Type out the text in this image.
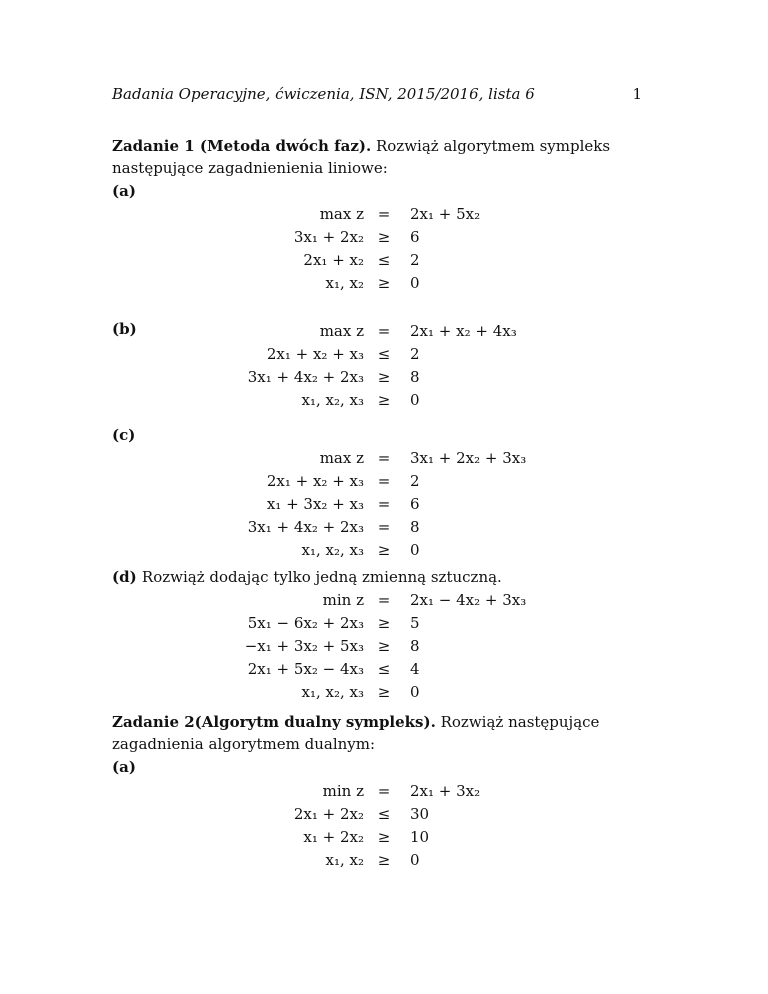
Badania Operacyjne, ćwiczenia, ISN, 2015/2016, lista 6	1
Zadanie 1 (Metoda dwóch faz). Rozwiąż algorytmem sympleks następujące zagadnienienia liniowe:
(a)
max z = 2x₁ + 5x₂
3x₁ + 2x₂ ≥ 6
2x₁ + x₂ ≤ 2
x₁, x₂ ≥ 0
(b)	max z = 2x₁ + x₂ + 4x₃
2x₁ + x₂ + x₃ ≤ 2
3x₁ + 4x₂ + 2x₃ ≥ 8
x₁, x₂, x₃ ≥ 0
(c)
max z = 3x₁ + 2x₂ + 3x₃
2x₁ + x₂ + x₃ = 2
x₁ + 3x₂ + x₃ = 6
3x₁ + 4x₂ + 2x₃ = 8
x₁, x₂, x₃ ≥ 0
(d) Rozwiąż dodając tylko jedną zmienną sztuczną.
min z = 2x₁ − 4x₂ + 3x₃
5x₁ − 6x₂ + 2x₃ ≥ 5
−x₁ + 3x₂ + 5x₃ ≥ 8
2x₁ + 5x₂ − 4x₃ ≤ 4
x₁, x₂, x₃ ≥ 0
Zadanie 2(Algorytm dualny sympleks). Rozwiąż następujące zagadnienia algorytmem dualnym:
(a)
min z = 2x₁ + 3x₂
2x₁ + 2x₂ ≤ 30
x₁ + 2x₂ ≥ 10
x₁, x₂ ≥ 0
